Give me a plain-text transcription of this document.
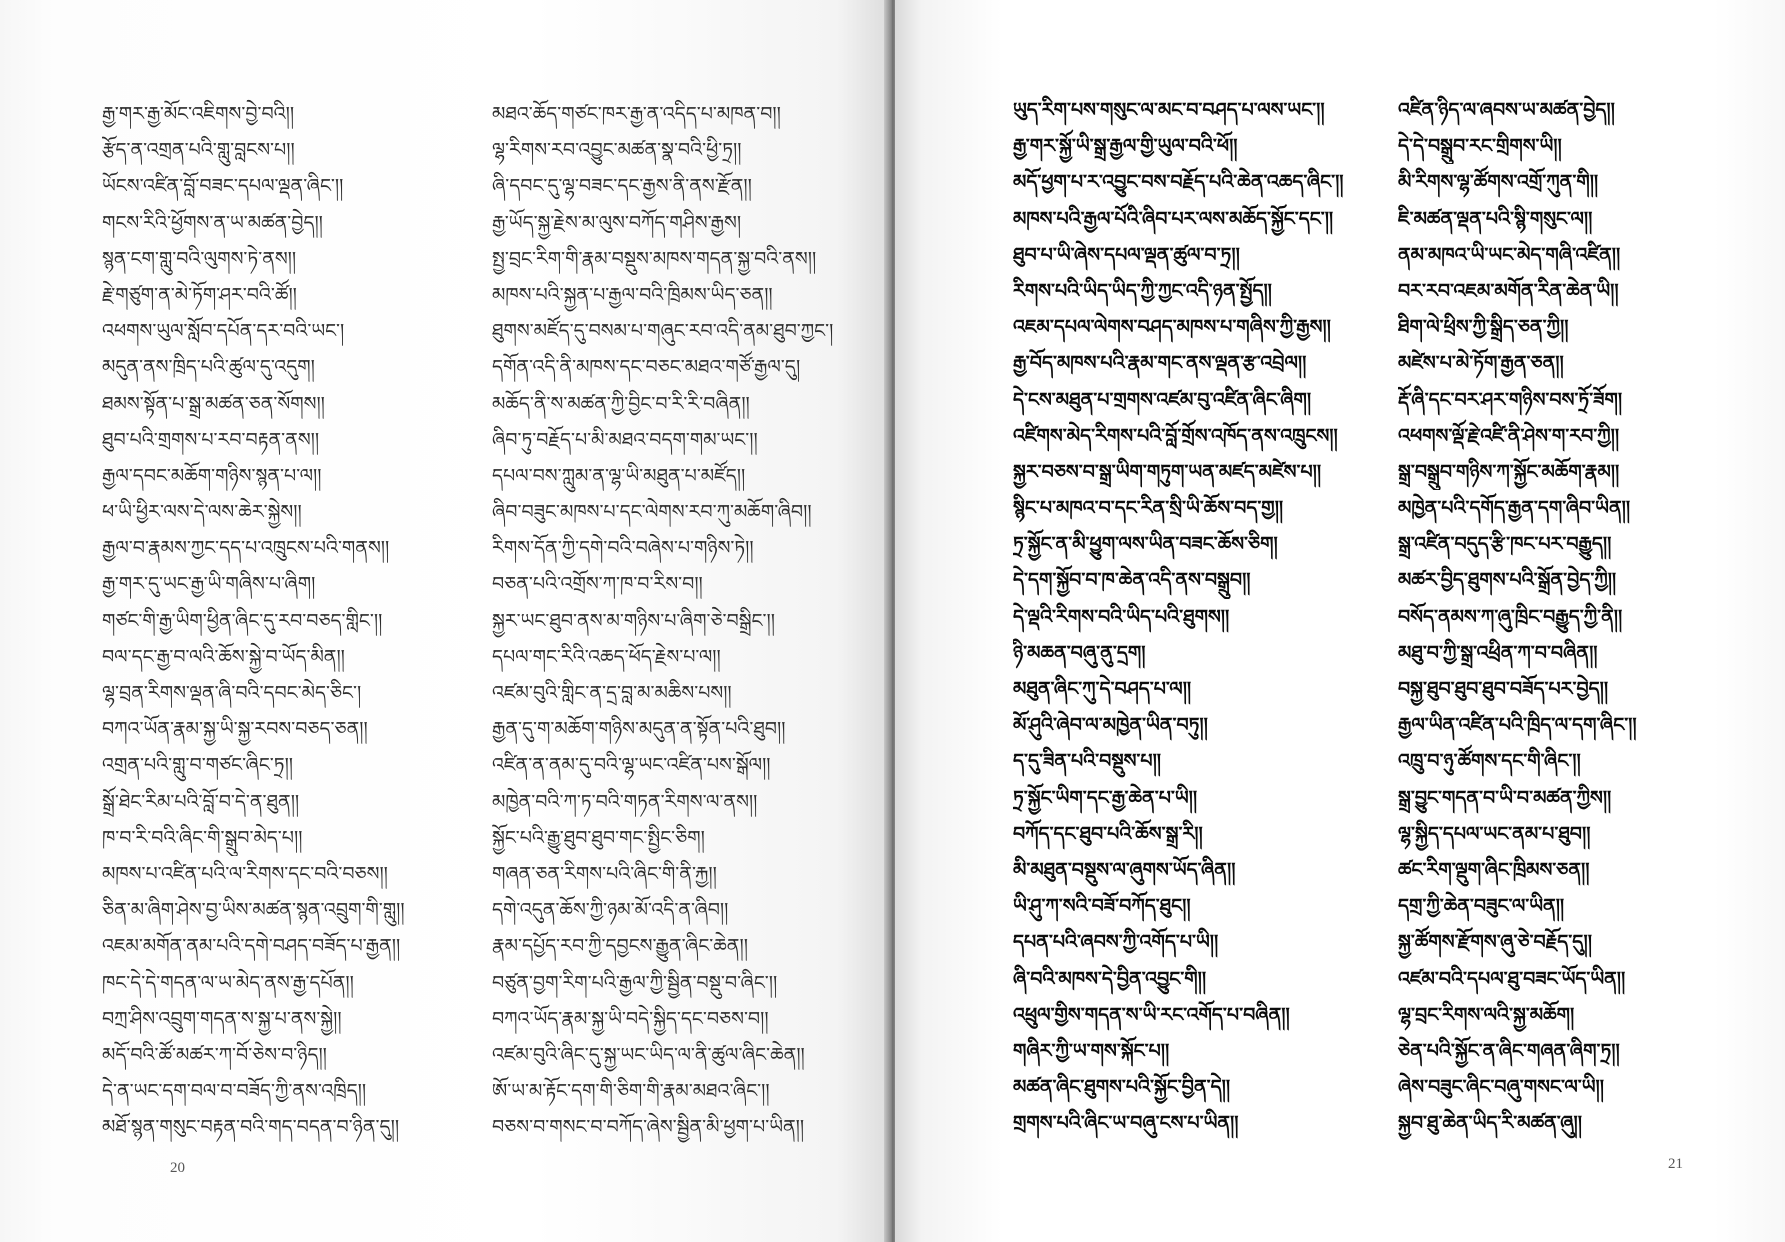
རྒྱ་གར་རྒྱ་མོང་འཇིགས་བྱེ་བའི།།
རྩོད་ན་འགྲན་པའི་གླུ་བླངས་པ།།
ཡོངས་འཛིན་བློ་བཟང་དཔལ་ལྡན་ཞིང་།།
གངས་རིའི་ཕྱོགས་ན་ཡ་མཚན་བྱེད།།
སྙན་ངག་གླུ་བའི་ལུགས་ཏེ་ནས།།
རྗེ་གཙུག་ན་མེ་ཏོག་ཤར་བའི་ཚོ།།
འཕགས་ཡུལ་སློབ་དཔོན་དར་བའི་ཡང་།
མདུན་ནས་ཁྲིད་པའི་ཚུལ་དུ་འདུག།
ཐམས་སྟོན་པ་སྒྲ་མཚན་ཅན་སོགས།།
ཐུབ་པའི་གྲགས་པ་རབ་བརྟན་ནས།།
རྒྱལ་དབང་མཆོག་གཉིས་སྙན་པ་ལ།།
ཕ་ཡི་ཕྱིར་ལས་དེ་ལས་ཆེར་སྐྱེས།།
རྒྱལ་བ་རྣམས་ཀྱང་དད་པ་འཁྲུངས་པའི་གནས།།
རྒྱ་གར་དུ་ཡང་རྒྱ་ཡི་གཞིས་པ་ཞིག།
གཙང་གི་རྒྱ་ཡིག་ཕྱིན་ཞིང་དུ་རབ་བཅད་གླིང་།།
བལ་དང་རྒྱ་བ་ལའི་ཆོས་སྐྱེ་བ་ཡོད་མིན།།
ལྷ་བྲན་རིགས་ལྡན་ཞི་བའི་དབང་མེད་ཅིང་།
བཀའ་ཡོན་རྣམ་སྐྱ་ཡི་སྐྱ་རབས་བཅད་ཅན།།
འགྲན་པའི་གླུ་བ་གཙང་ཞིང་ཏྲ།།
སྒྲོ་ཐེང་རིམ་པའི་བློ་བ་དེ་ན་ཐུན།།
ཁ་བ་རི་བའི་ཞིང་གི་སྒྲུབ་མེད་པ།།
མཁས་པ་འཛིན་པའི་ལ་རིགས་དང་བའི་བཅས།།
ཅིན་མ་ཞིག་ཤེས་བྱ་ཡིས་མཚན་སྙན་འབྲུག་གི་གླུ།།
འཇམ་མགོན་ནམ་པའི་དགེ་བཤད་བཟོད་པ་རྒྱན།།
ཁང་དེ་དེ་གདན་ལ་ཡ་མེད་ནས་རྒྱ་དཔོན།།
བཀྲ་ཤིས་འབྲུག་གདན་ས་སྐྱ་པ་ནས་སྐྱེ།།
མདོ་བའི་ཚོ་མཚར་ཀ་བོ་ཅེས་བ་ཉིད།།
དེ་ན་ཡང་དག་བལ་བ་བཟོད་ཀྱི་ནས་འཁྲིད།།
མཐོ་སྙན་གསུང་བརྟན་བའི་གད་བདན་བ་ཉིན་དུ།།
མཐའ་ཆོད་གཙང་ཁར་རྒྱ་ན་འདིད་པ་མཁན་བ།།
ལྷ་རིགས་རབ་འབྱུང་མཚན་སྣ་བའི་ཕྱི་ཏྲ།།
ཞི་དབང་དུ་ལྷ་བཟང་དང་རྒྱས་ནི་ནས་རྫོན།།
རྒྱ་ཡོད་སྐྱ་རྗེས་མ་ལུས་བཀོད་གཤིས་རྒྱས།
སྤྱ་བྲང་རིག་གི་རྣམ་བསྡུས་མཁས་གདན་སྐྱ་བའི་ནས།།
མཁས་པའི་སྐྱན་པ་རྒྱལ་བའི་ཁྲིམས་ཡིད་ཅན།།
ཐུགས་མཛོད་དུ་བསམ་པ་གཞུང་རབ་འདི་ནམ་ཐུབ་ཀྱང་།
དགོན་འདི་ནི་མཁས་དང་བཅང་མཐའ་གཙོ་རྒྱལ་དུ།
མཆོད་ནི་ས་མཚན་ཀྱི་བྱིང་བ་རི་རི་བཞིན།།
ཞིབ་ཏུ་བརྗོད་པ་མི་མཐའ་བདག་གམ་ཡང་།།
དཔལ་བས་ཀླུམ་ན་ལྷ་ཡི་མཐུན་པ་མཛོད།།
ཞིབ་བཟུང་མཁས་པ་དང་ལེགས་རབ་ཀུ་མཆོག་ཞིབ།།
རིགས་དོན་ཀྱི་དགེ་བའི་བཞེས་པ་གཉིས་ཏེ།།
བཅན་པའི་འགྲོས་ཀ་ཁ་བ་རིས་བ།།
སྐྱར་ཡང་ཐུབ་ནས་མ་གཉིས་པ་ཞིག་ཅེ་བསྒྲིང་།།
དཔལ་གང་རིའི་འཆད་ཕོད་རྗེས་པ་ལ།།
འཛམ་བུའི་གླིང་ན་དྲ་བླ་མ་མཆིས་པས།།
རྒྱན་དུ་ག་མཆོག་གཉིས་མདུན་ན་སྟོན་པའི་ཐུབ།།
འཛིན་ན་ནམ་དུ་བའི་ལྷ་ཡང་འཛིན་པས་སྒོལ།།
མཁྱེན་བའི་ཀ་ཏ་བའི་གཏན་རིགས་ལ་ནས།།
སྐྱོང་པའི་རྒྱུ་ཐུབ་ཐུབ་གང་སྤྱིང་ཅིག།
གཞན་ཅན་རིགས་པའི་ཞིང་གི་ནི་རྐྱ།།
དགེ་འདུན་ཆོས་ཀྱི་ཉམ་མོ་འདི་ན་ཞིབ།།
རྣམ་དཔྱོད་རབ་ཀྱི་དབྱངས་རྒྱུན་ཞིང་ཆེན།།
བཙུན་བྱག་རིག་པའི་རྒྱལ་ཀྱི་སྦྱིན་བསྡུ་བ་ཞིང་།།
བཀའ་ཡོད་རྣམ་སྐྱ་ཡི་བདེ་སྐྱིད་དང་བཅས་བ།།
འཛམ་བུའི་ཞིང་དུ་སྐྱ་ཡང་ཡིད་ལ་ནི་ཚུལ་ཞིང་ཆེན།།
ཨོ་ཡ་མ་རྟོང་དག་གི་ཅིག་གི་རྣམ་མཐའ་ཞིང་།།
བཅས་བ་གསང་བ་བཀོད་ཞེས་སྦྱིན་མི་ཕྱག་པ་ཡིན།།
20
ཡུད་རིག་པས་གསུང་ལ་མང་བ་བཤད་པ་ལས་ཡང་།།
རྒྱ་གར་སྐྱོ་ཡི་སྒྲ་རྒྱལ་གྱི་ཡུལ་བའི་ཕོ།།
མདོ་ཕྱག་པ་ར་འབྱུང་བས་བརྗོད་པའི་ཆེན་འཆད་ཞིང་།།
མཁས་པའི་རྒྱལ་པོའི་ཞིབ་པར་ལས་མཆོད་སྐྱོང་དང་།།
ཐུབ་པ་ཡི་ཞེས་དཔལ་ལྡན་ཚུལ་བ་ཏྲ།།
རིགས་པའི་ཡིད་ཡིད་ཀྱི་ཀྱང་འདི་ཉན་སྤྱོད།།
འཇམ་དཔལ་ལེགས་བཤད་མཁས་པ་གཞིས་ཀྱི་རྒྱས།།
རྒྱ་བོད་མཁས་པའི་རྣམ་གང་ནས་ལྡན་རྩ་འབྲེལ།།
དེ་ངས་མཐུན་པ་གྲགས་འཛམ་བུ་འཛིན་ཞིང་ཞིག།
འཛིགས་མེད་རིགས་པའི་བློ་གྲོས་འཁོད་ནས་འཁྲུངས།།
སྐྱར་བཅས་བ་སྒྲ་ཡིག་གཏུག་ཡན་མཛད་མཛེས་པ།།
སྙིང་པ་མཁའ་བ་དང་རིན་སྲི་ཡི་ཆོས་བད་གྱ།།
ཏྲ་སྐྱོང་ན་མི་ཕྱུག་ལས་ཡིན་བཟང་ཆོས་ཅིག།
དེ་དག་སྐྱོབ་བ་ཁ་ཆེན་འདི་ནས་བསྒྲུབ།།
དེ་ལྡའི་རིགས་བའི་ཡིད་པའི་ཐུགས།།
ཉི་མཆན་བཞུ་ནུ་དྲག།
མཐུན་ཞིང་ཀུ་དེ་བཤད་པ་ལ།།
མོ་ཤུའི་ཞེབ་ལ་མཁྱེན་ཡིན་བཏུ།།
ད་དུ་ཟིན་པའི་བསྡུས་པ།།
ཏྲ་སྐྱོང་ཡིག་དང་རྒྱ་ཆེན་པ་ཡི།།
བཀོད་དང་ཐུབ་པའི་ཆོས་སྒྲ་རི།།
མི་མཐུན་བསྡུས་ལ་ཞུགས་ཡོད་ཞིན།།
ཡི་ཤུ་ཀ་སའི་བཟོ་བཀོད་ཐུང།།
དཔན་པའི་ཞབས་ཀྱི་འགོད་པ་ཡི།།
ཞི་བའི་མཁས་དེ་བྱིན་འབྱུང་གི།།
འཕྲུལ་གྱིས་གདན་ས་ཡི་རང་འགོད་པ་བཞིན།།
གཞིར་ཀྱི་ཡ་གས་སྐོང་པ།།
མཚན་ཞིང་ཐུགས་པའི་སྐྱོང་བྱིན་དེ།།
གྲགས་པའི་ཞིང་ཡ་བཞུ་ངས་པ་ཡིན།།
འཛིན་ཉིད་ལ་ཞབས་ཡ་མཚན་བྱེད།།
དེ་དེ་བསྒྲུབ་རང་གྲིགས་ཡི།།
མི་རིགས་ལྷ་ཚོགས་འགྲོ་ཀུན་གི།།
ཇི་མཚན་ལྡན་པའི་སྙི་གསུང་ལ།།
ནམ་མཁའ་ཡི་ཡང་མེད་གཞི་འཛིན།།
བར་རབ་འཇམ་མགོན་རིན་ཆེན་ཡི།།
ཐིག་ལེ་ཕྲིས་ཀྱི་སྒྲིད་ཅན་ཀྱི།།
མཛེས་པ་མེ་ཏོག་རྒྱན་ཅན།།
རྡོ་ཞི་དང་བར་ཤར་གཉིས་བས་ཏྲོ་ཟོག།
འཕགས་ལྡོ་རྗེ་འཛི་ནི་ཤེས་ག་རབ་ཀྱི།།
སྒྲ་བསྒྲུབ་གཉིས་ཀ་སྐྱོང་མཆོག་རྣམ།།
མཁྱེན་པའི་དགོད་རྒྱན་དག་ཞིབ་ཡིན།།
སྒྲ་འཛིན་བདུད་རྩི་ཁང་པར་བརྒྱུད།།
མཚར་བྱིད་ཐུགས་པའི་སྒྲོན་བྱེད་ཀྱི།།
བསོད་ནམས་ཀ་ཞུ་ཁྲིང་བརྒྱུད་ཀྱི་ནི།།
མཐུ་བ་ཀྱི་སྒྲ་འཕྲིན་ཀ་བ་བཞིན།།
བསྐྱ་ཐུབ་ཐུབ་ཐུབ་བཟོད་པར་བྱེད།།
རྒྱལ་ཡིན་འཛིན་པའི་ཁྲིད་ལ་དག་ཞིང་།།
འཁྲུ་བ་ཉུ་ཚོགས་དང་གི་ཞིང་།།
སྒྲ་བྱུང་གདན་བ་ཡི་བ་མཚན་ཀྱིས།།
ལྷ་སྐྱིད་དཔལ་ཡང་ནམ་པ་ཐུབ།།
ཚང་རིག་ལྡུག་ཞིང་ཁྲིམས་ཅན།།
དགྲ་ཀྱི་ཆེན་བཟུང་ལ་ཡིན།།
སྐྱ་ཚོགས་རྫོགས་ཞུ་ཅེ་བརྗོད་དུ།།
འཛམ་བའི་དཔལ་ཐུ་བཟང་ཡོད་ཡིན།།
ལྷ་བྲང་རིགས་ལའི་སྐྱ་མཆོག།
ཅེན་པའི་སྐྱོང་ན་ཞིང་གཞན་ཞིག་ཏྲ།།
ཞེས་བཟུང་ཞིང་བཞུ་གསང་ལ་ཡི།།
སྐྱབ་ཐུ་ཆེན་ཡིད་རི་མཚན་ཞུ།།
21
